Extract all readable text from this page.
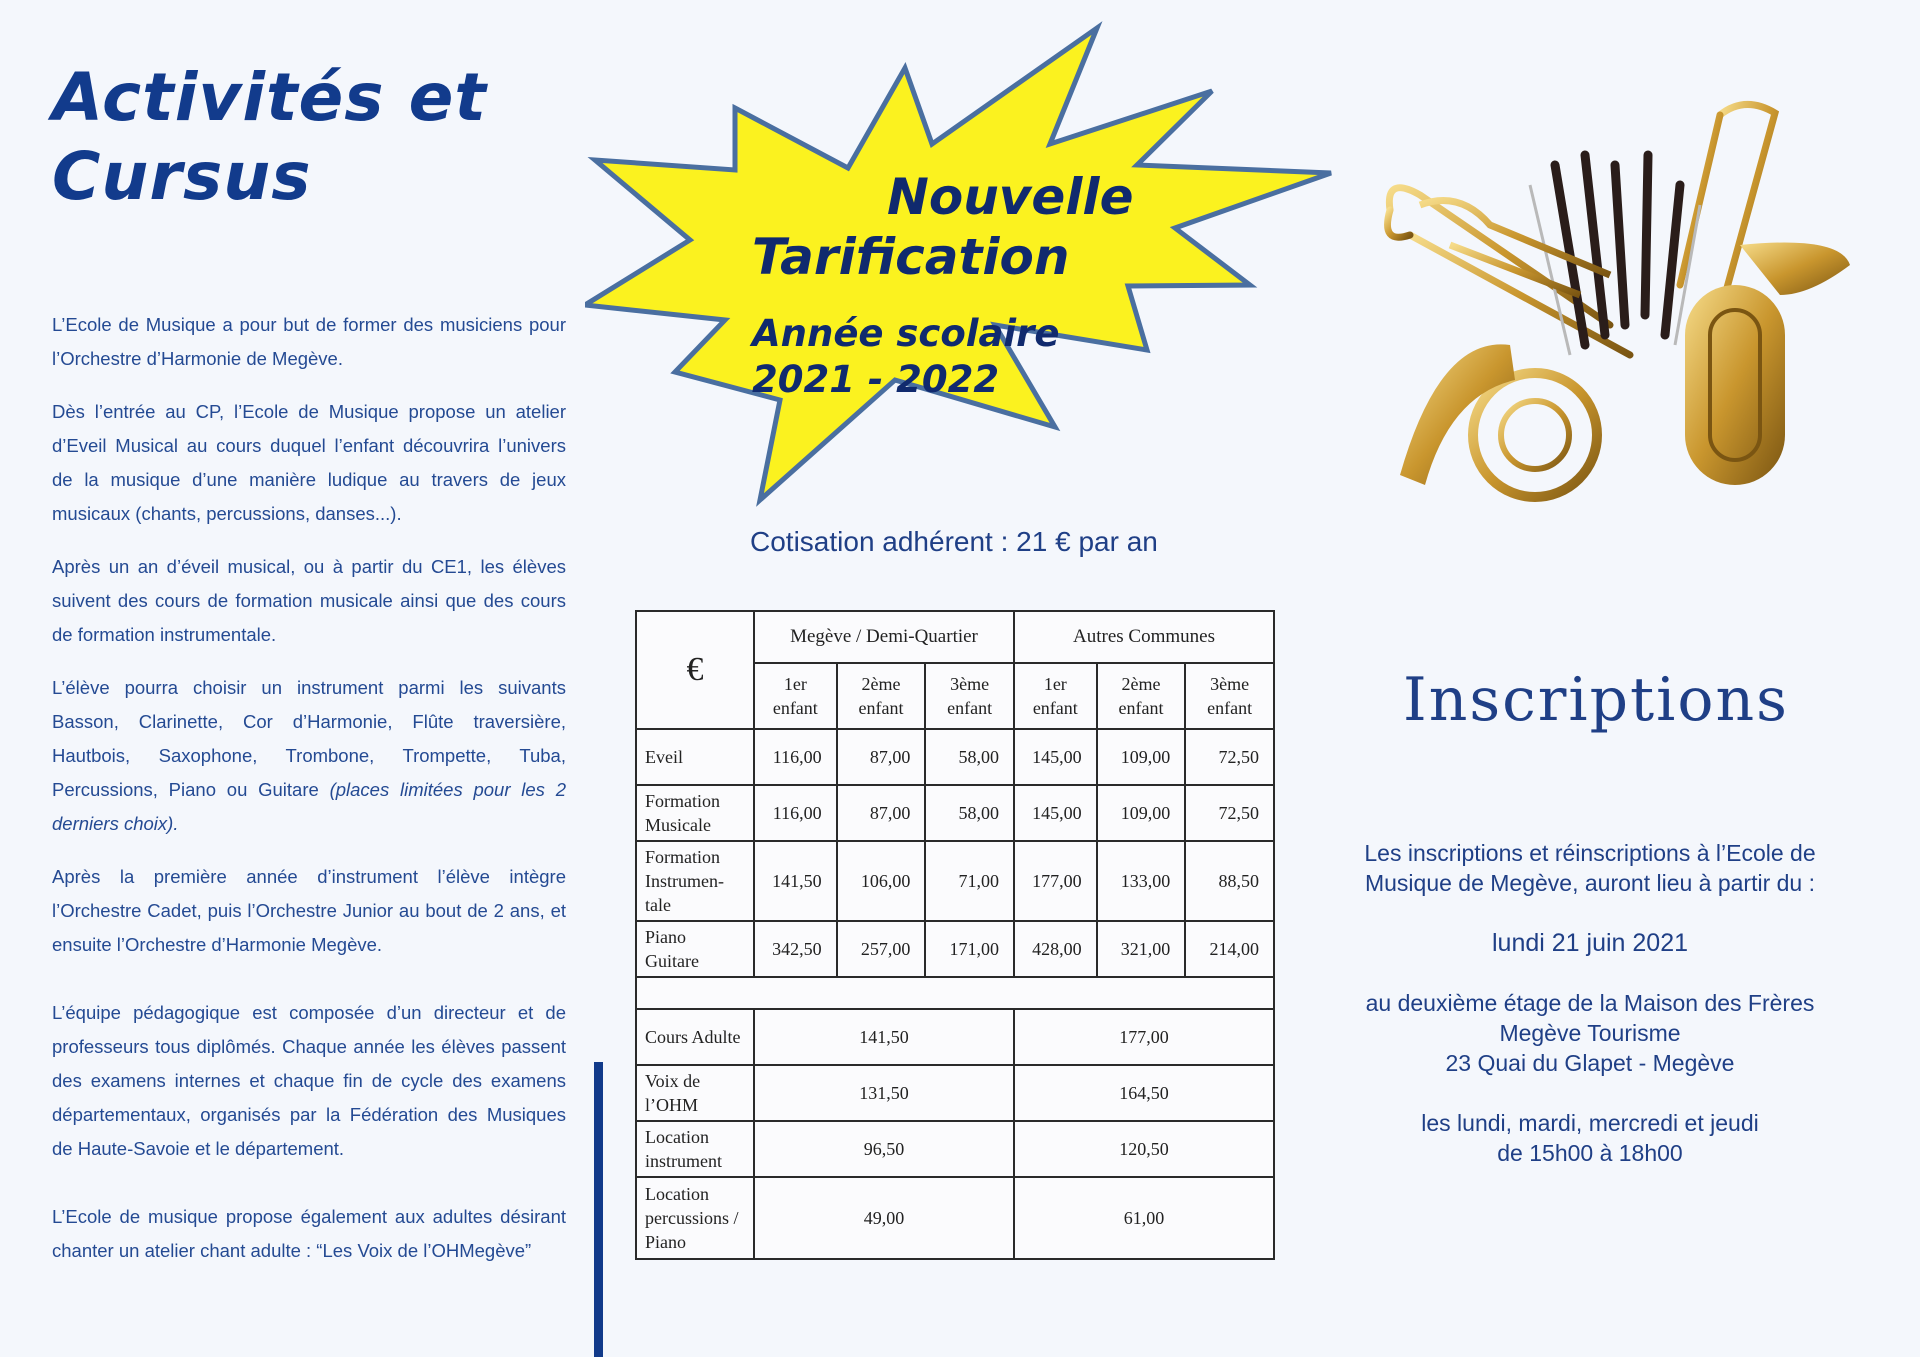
Activités et
Cursus

L’Ecole de Musique a pour but de former des musiciens pour l’Orchestre d’Harmonie de Megève.

Dès l’entrée au CP, l’Ecole de Musique propose un atelier d’Eveil Musical au cours duquel l’enfant découvrira l’univers de la musique d’une manière ludique au travers de jeux musicaux (chants, percussions, danses...).

Après un an d’éveil musical, ou à partir du CE1, les élèves suivent des cours de formation musicale ainsi que des cours de formation instrumentale.

L’élève pourra choisir un instrument parmi les suivants Basson, Clarinette, Cor d’Harmonie, Flûte traversière, Hautbois, Saxophone, Trombone, Trompette, Tuba, Percussions, Piano ou Guitare (places limitées pour les 2 derniers choix).

Après la première année d’instrument l’élève intègre l’Orchestre Cadet, puis l’Orchestre Junior au bout de 2 ans, et ensuite l’Orchestre d’Harmonie Megève.

L’équipe pédagogique est composée d’un directeur et de professeurs tous diplômés. Chaque année les élèves passent des examens internes et chaque fin de cycle des examens départementaux, organisés par la Fédération des Musiques de Haute-Savoie et le département.

L’Ecole de musique propose également aux adultes désirant chanter un atelier chant adulte : “Les Voix de l’OHMegève”

Nouvelle
Tarification
Année scolaire
2021 - 2022
Cotisation adhérent : 21 € par an
€	Megève / Demi-Quartier			Autres Communes		
	1er enfant	2ème enfant	3ème enfant	1er enfant	2ème enfant	3ème enfant
Eveil	116,00	87,00	58,00	145,00	109,00	72,50
Formation Musicale	116,00	87,00	58,00	145,00	109,00	72,50
Formation Instrumen-tale	141,50	106,00	71,00	177,00	133,00	88,50
Piano Guitare	342,50	257,00	171,00	428,00	321,00	214,00

Cours Adulte	141,50			177,00		
Voix de l’OHM	131,50			164,50		
Location instrument	96,50			120,50		
Location percussions / Piano	49,00			61,00		
Inscriptions

Les inscriptions et réinscriptions à l’Ecole de Musique de Megève, auront lieu à partir du :

lundi 21 juin 2021

au deuxième étage de la Maison des Frères

Megève Tourisme

23 Quai du Glapet - Megève

les lundi, mardi, mercredi et jeudi

de 15h00 à 18h00
